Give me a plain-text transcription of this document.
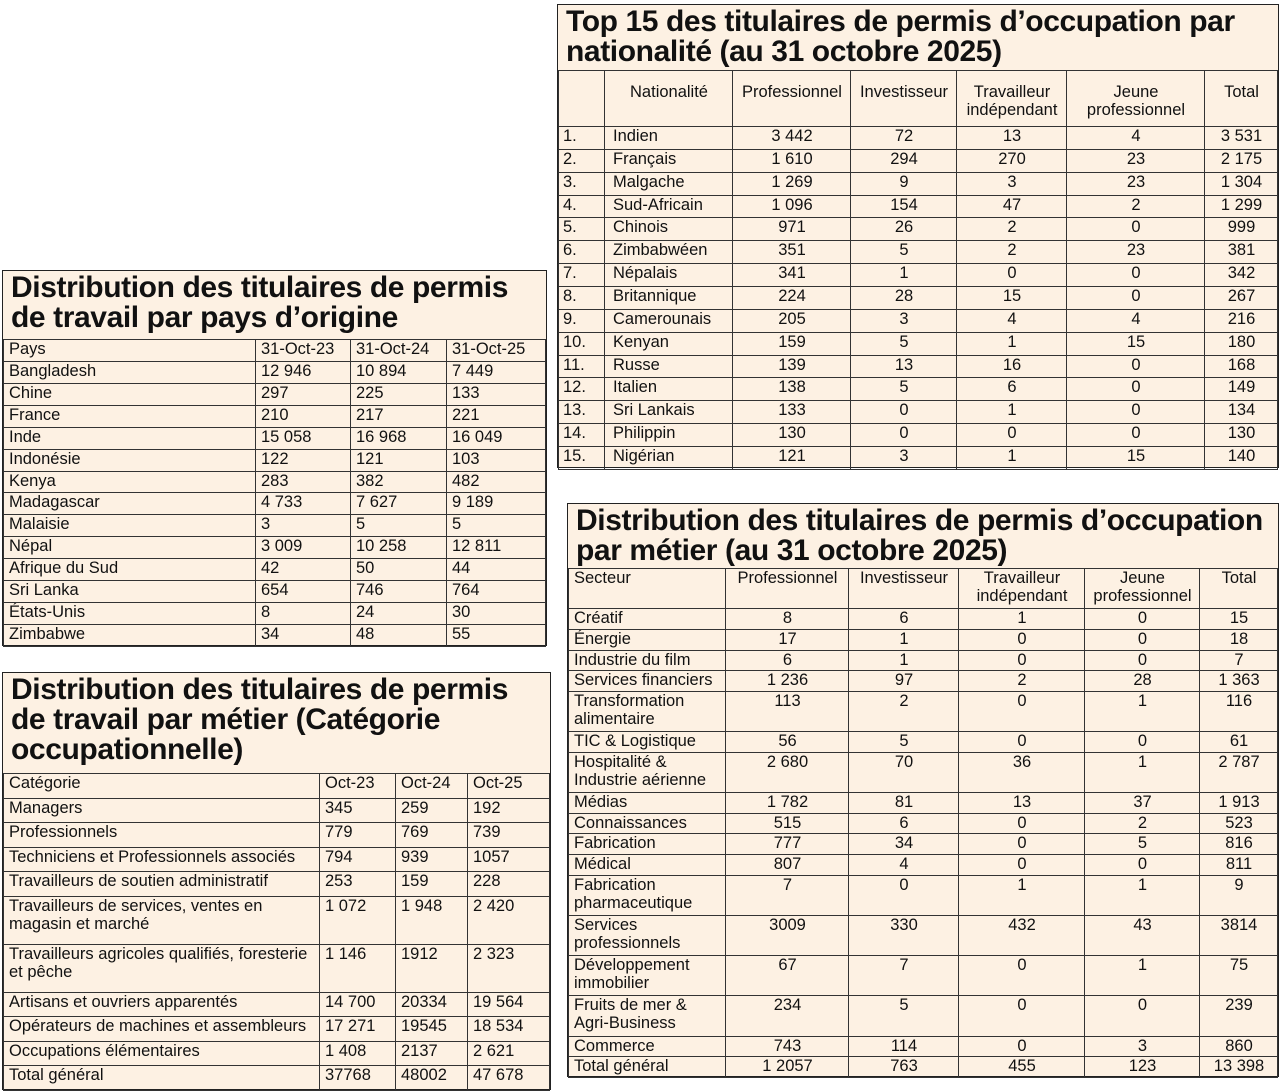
Top 15 des titulaires de permis d’occupation par nationalité (au 31 octobre 2025)
	Nationalité	Professionnel	Investisseur	Travailleur indépendant	Jeune professionnel	Total
1.	Indien	3 442	72	13	4	3 531
2.	Français	1 610	294	270	23	2 175
3.	Malgache	1 269	9	3	23	1 304
4.	Sud-Africain	1 096	154	47	2	1 299
5.	Chinois	971	26	2	0	999
6.	Zimbabwéen	351	5	2	23	381
7.	Népalais	341	1	0	0	342
8.	Britannique	224	28	15	0	267
9.	Camerounais	205	3	4	4	216
10.	Kenyan	159	5	1	15	180
11.	Russe	139	13	16	0	168
12.	Italien	138	5	6	0	149
13.	Sri Lankais	133	0	1	0	134
14.	Philippin	130	0	0	0	130
15.	Nigérian	121	3	1	15	140
Distribution des titulaires de permis de travail par pays d’origine
Pays	31-Oct-23	31-Oct-24	31-Oct-25
Bangladesh	12 946	10 894	7 449
Chine	297	225	133
France	210	217	221
Inde	15 058	16 968	16 049
Indonésie	122	121	103
Kenya	283	382	482
Madagascar	4 733	7 627	9 189
Malaisie	3	5	5
Népal	3 009	10 258	12 811
Afrique du Sud	42	50	44
Sri Lanka	654	746	764
États-Unis	8	24	30
Zimbabwe	34	48	55
Distribution des titulaires de permis de travail par métier (Catégorie occupationnelle)
Catégorie	Oct-23	Oct-24	Oct-25
Managers	345	259	192
Professionnels	779	769	739
Techniciens et Professionnels associés	794	939	1057
Travailleurs de soutien administratif	253	159	228
Travailleurs de services, ventes en magasin et marché	1 072	1 948	2 420
Travailleurs agricoles qualifiés, foresterie et pêche	1 146	1912	2 323
Artisans et ouvriers apparentés	14 700	20334	19 564
Opérateurs de machines et assembleurs	17 271	19545	18 534
Occupations élémentaires	1 408	2137	2 621
Total général	37768	48002	47 678
Distribution des titulaires de permis d’occupation par métier (au 31 octobre 2025)
Secteur	Professionnel	Investisseur	Travailleur indépendant	Jeune professionnel	Total
Créatif	8	6	1	0	15
Énergie	17	1	0	0	18
Industrie du film	6	1	0	0	7
Services financiers	1 236	97	2	28	1 363
Transformation alimentaire	113	2	0	1	116
TIC & Logistique	56	5	0	0	61
Hospitalité & Industrie aérienne	2 680	70	36	1	2 787
Médias	1 782	81	13	37	1 913
Connaissances	515	6	0	2	523
Fabrication	777	34	0	5	816
Médical	807	4	0	0	811
Fabrication pharmaceutique	7	0	1	1	9
Services professionnels	3009	330	432	43	3814
Développement immobilier	67	7	0	1	75
Fruits de mer & Agri-Business	234	5	0	0	239
Commerce	743	114	0	3	860
Total général	1 2057	763	455	123	13 398
